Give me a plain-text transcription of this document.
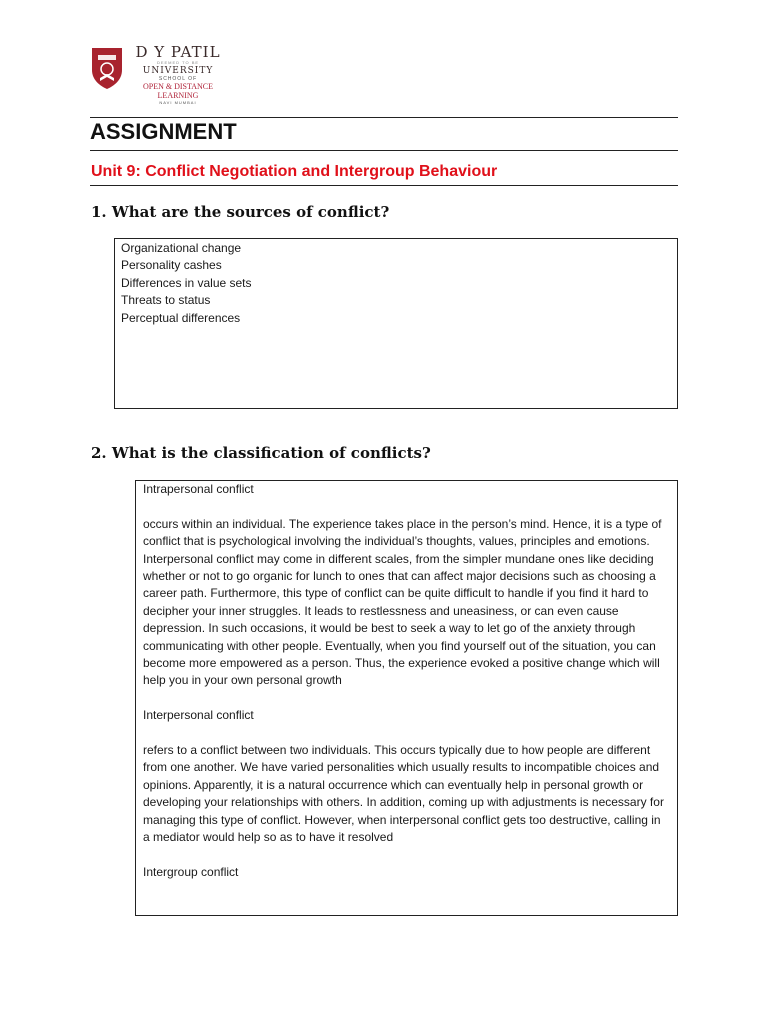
D Y PATIL
DEEMED TO BE
UNIVERSITY
SCHOOL OF
OPEN & DISTANCE
LEARNING
NAVI MUMBAI
ASSIGNMENT
Unit 9: Conflict Negotiation and Intergroup Behaviour
1. What are the sources of conflict?
Organizational change
Personality cashes
Differences in value sets
Threats to status
Perceptual differences
2. What is the classification of conflicts?

Intrapersonal conflict

occurs within an individual. The experience takes place in the person’s mind. Hence, it is a type of conflict that is psychological involving the individual’s thoughts, values, principles and emotions. Interpersonal conflict may come in different scales, from the simpler mundane ones like deciding whether or not to go organic for lunch to ones that can affect major decisions such as choosing a career path. Furthermore, this type of conflict can be quite difficult to handle if you find it hard to decipher your inner struggles. It leads to restlessness and uneasiness, or can even cause depression. In such occasions, it would be best to seek a way to let go of the anxiety through communicating with other people. Eventually, when you find yourself out of the situation, you can become more empowered as a person. Thus, the experience evoked a positive change which will help you in your own personal growth

Interpersonal conflict

refers to a conflict between two individuals. This occurs typically due to how people are different from one another. We have varied personalities which usually results to incompatible choices and opinions. Apparently, it is a natural occurrence which can eventually help in personal growth or developing your relationships with others. In addition, coming up with adjustments is necessary for managing this type of conflict. However, when interpersonal conflict gets too destructive, calling in a mediator would help so as to have it resolved

Intergroup conflict
